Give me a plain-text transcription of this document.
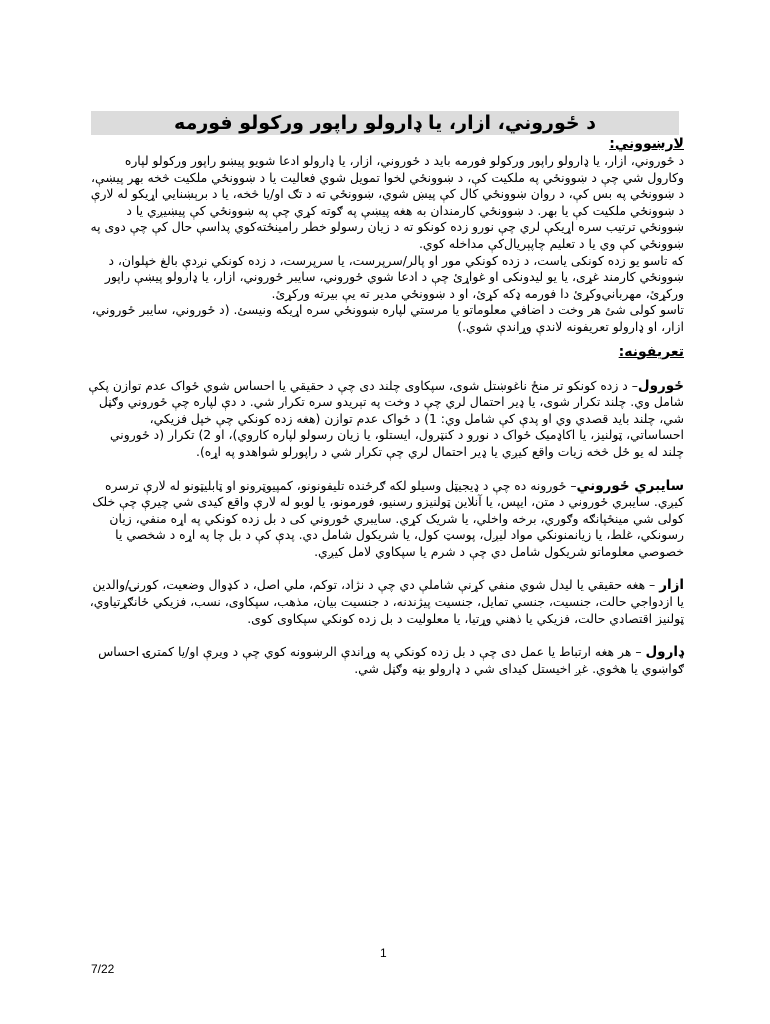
د ځوروني، ازار، يا ډارولو راپور ورکولو فورمه

لارښووني:

د ځوروني، ازار، يا ډارولو راپور ورکولو فورمه بايد د ځوروني، ازار، يا ډارولو ادعا شويو پيښو راپور ورکولو لپاره وکارول شي چې د ښوونځي په ملکيت کې، د ښوونځي لخوا تمويل شوي فعاليت يا د ښوونځي ملکيت څخه بهر پيښې، د ښوونځي په بس کې، د روان ښوونځي کال کې پيښ شوي، ښوونځي ته د تګ او/يا څخه، يا د برېښنايي اړيکو له لارې د ښوونځي ملکيت کې يا بهر. د ښوونځي کارمندان به هغه پيښې په ګوته کړي چې په ښوونځي کې پيښيږي يا د ښوونځي ترتيب سره اړيکې لري چې نورو زده کونکو ته د زيان رسولو خطر رامينځته‌کوي پداسې حال کې چې دوی په ښوونځي کې وي يا د تعليم چاپېريال‌کې مداخله کوي.

که تاسو يو زده کونکی یاست، د زده کونکي مور او پالر/سرپرست، يا سرپرست، د زده کونکي نږدې بالغ خپلوان، د ښوونځي کارمند غړی، يا يو ليدونکی او غواړئ چې د ادعا شوي ځوروني، سايبر ځوروني، ازار، يا ډارولو پيښې راپور ورکړئ، مهرباني‌وکړئ دا فورمه ډکه کړئ، او د ښوونځي مدير ته يې بيرته ورکړئ.

تاسو کولی شئ هر وخت د اضافي معلوماتو يا مرستي لپاره ښوونځي سره اړيکه ونيسئ. (د ځوروني، سايبر ځوروني، ازار، او ډارولو تعريفونه لاندې وړاندې شوي.)

تعريفونه:

ځورول– د زده کونکو تر منځ ناغوښتل شوی، سپکاوی چلند دی چې د حقيقي يا احساس شوي ځواک عدم توازن پکې شامل وي. چلند تکرار شوی، يا ډير احتمال لري چې د وخت په تېريدو سره تکرار شي. د دې لپاره چې ځوروني وګڼل شي، چلند بايد قصدي وي او پدې کې شامل وي: 1) د ځواک عدم توازن (هغه زده کونکي چې خپل فزيکي، احساساتي، ټولنيز، يا اکاډميک ځواک د نورو د کنټرول، ايستلو، يا زيان رسولو لپاره کاروي)، او 2) تکرار (د ځوروني چلند له يو ځل څخه زيات واقع کيږي يا ډير احتمال لري چې تکرار شي د راپور‌لو شواهدو په اړه).

سايبري ځوروني– ځورونه ده چې د ډيجيټل وسيلو لکه ګرځنده تليفونونو، کمپيوټرونو او ټابليټونو له لارې ترسره کيږي. سايبري ځوروني د متن، ايپس، يا آنلاين ټولنيزو رسنيو، فورمونو، يا لوبو له لارې واقع کيدی شي چيرې چې خلک کولی شي مينځپانګه وګوري، برخه واخلي، يا شريک کړي. سايبري ځوروني کی د بل زده کونکي په اړه منفي، زيان رسونکي، غلط، يا زيانمنونکي مواد ليږل، پوسټ کول، يا شريکول شامل دي. پدې کې د بل چا په اړه د شخصي يا خصوصي معلوماتو شريکول شامل دي چې د شرم يا سپکاوي لامل کيږي.

ازار – هغه حقيقي يا ليدل شوي منفي کړنې شاملې دي چې د نژاد، توکم، ملي اصل، د کډوال وضعيت، کورنۍ/والدين يا ازدواجي حالت، جنسيت، جنسي تمايل، جنسيت پيژندنه، د جنسيت بيان، مذهب، سپکاوی، نسب، فزيکي ځانګړتياوي، ټولنيز اقتصادي حالت، فزيکي يا ذهني وړتيا، يا معلوليت د بل زده کونکي سپکاوی کوی.

ډارول – هر هغه ارتباط يا عمل دی چې د بل زده کونکي په وړاندې الرښوونه کوي چې د ويرې او/يا کمترۍ احساس ګواښوي يا هڅوي. غږ اخيستل کيدای شي د ډارولو بڼه وګڼل شي.

1
7/22
